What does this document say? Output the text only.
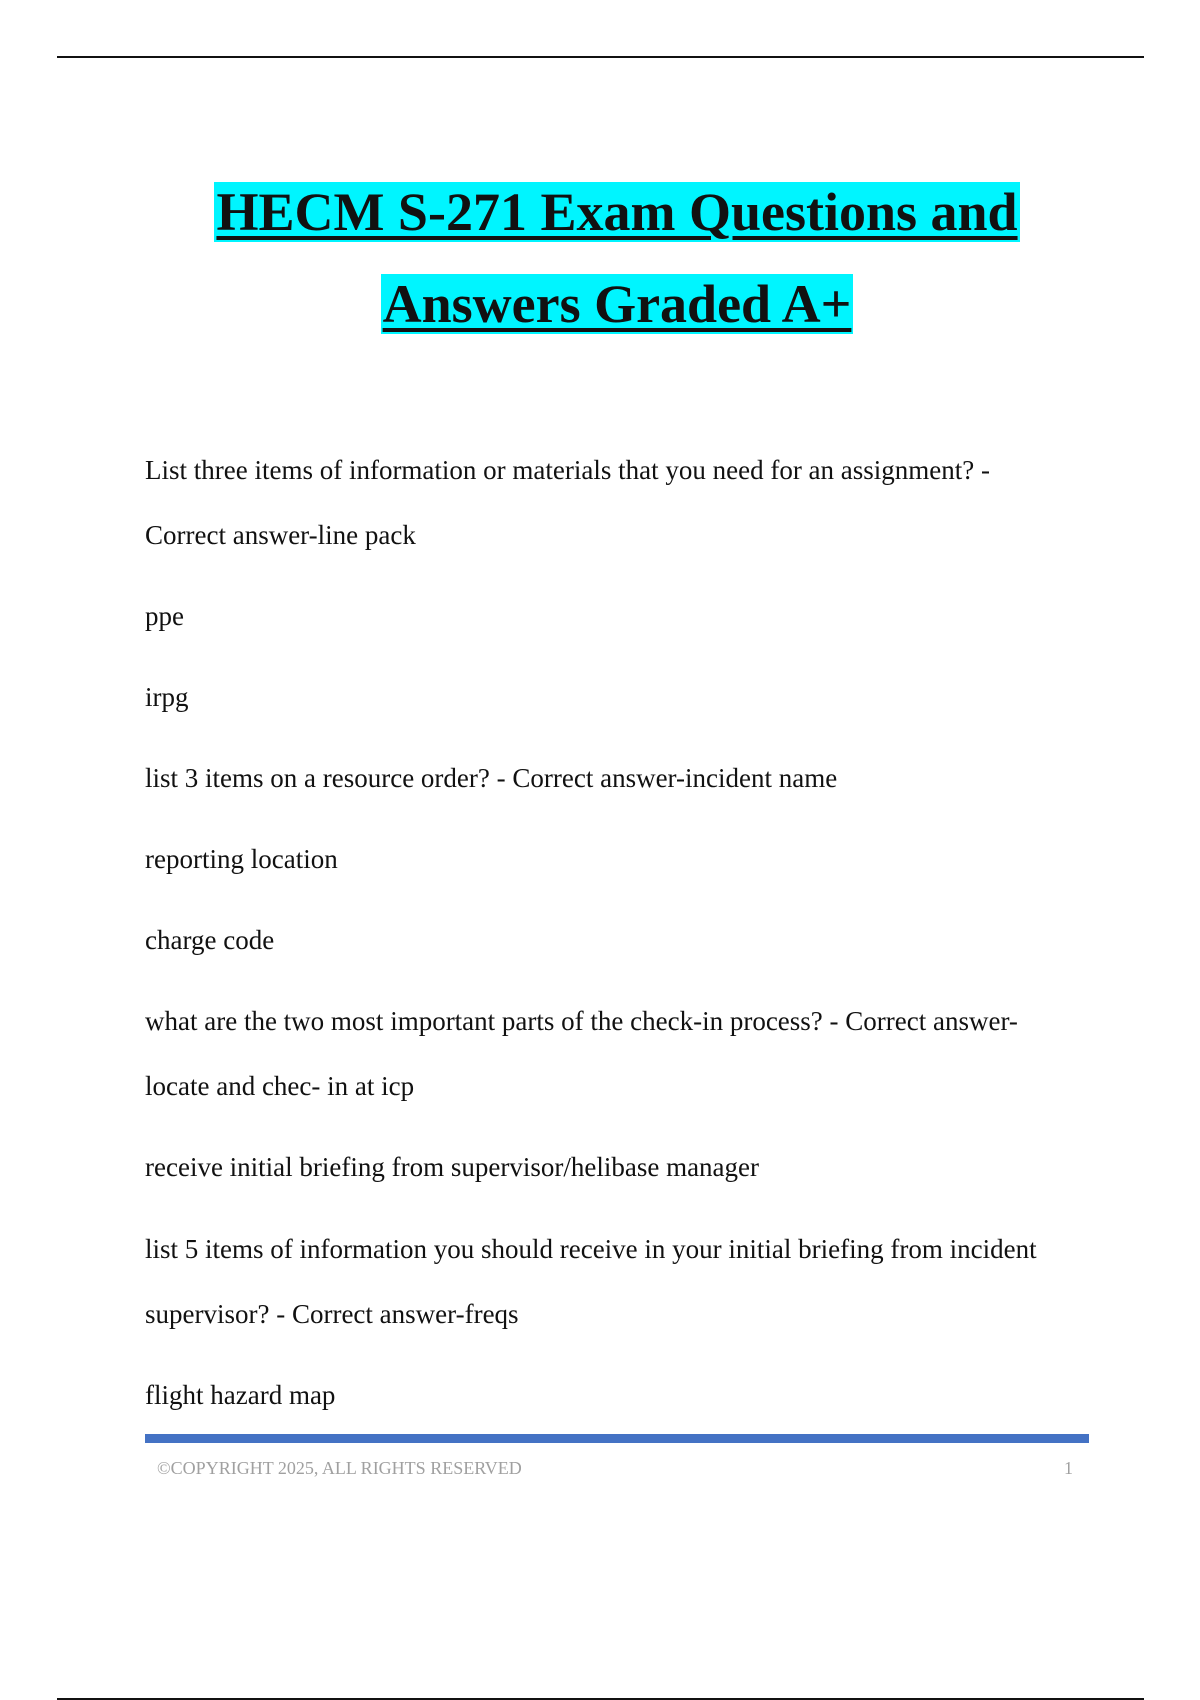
HECM S-271 Exam Questions and
Answers Graded A+
List three items of information or materials that you need for an assignment? -
Correct answer-line pack
ppe
irpg
list 3 items on a resource order? - Correct answer-incident name
reporting location
charge code
what are the two most important parts of the check-in process? - Correct answer-
locate and chec- in at icp
receive initial briefing from supervisor/helibase manager
list 5 items of information you should receive in your initial briefing from incident
supervisor? - Correct answer-freqs
flight hazard map
©COPYRIGHT 2025, ALL RIGHTS RESERVED	1
